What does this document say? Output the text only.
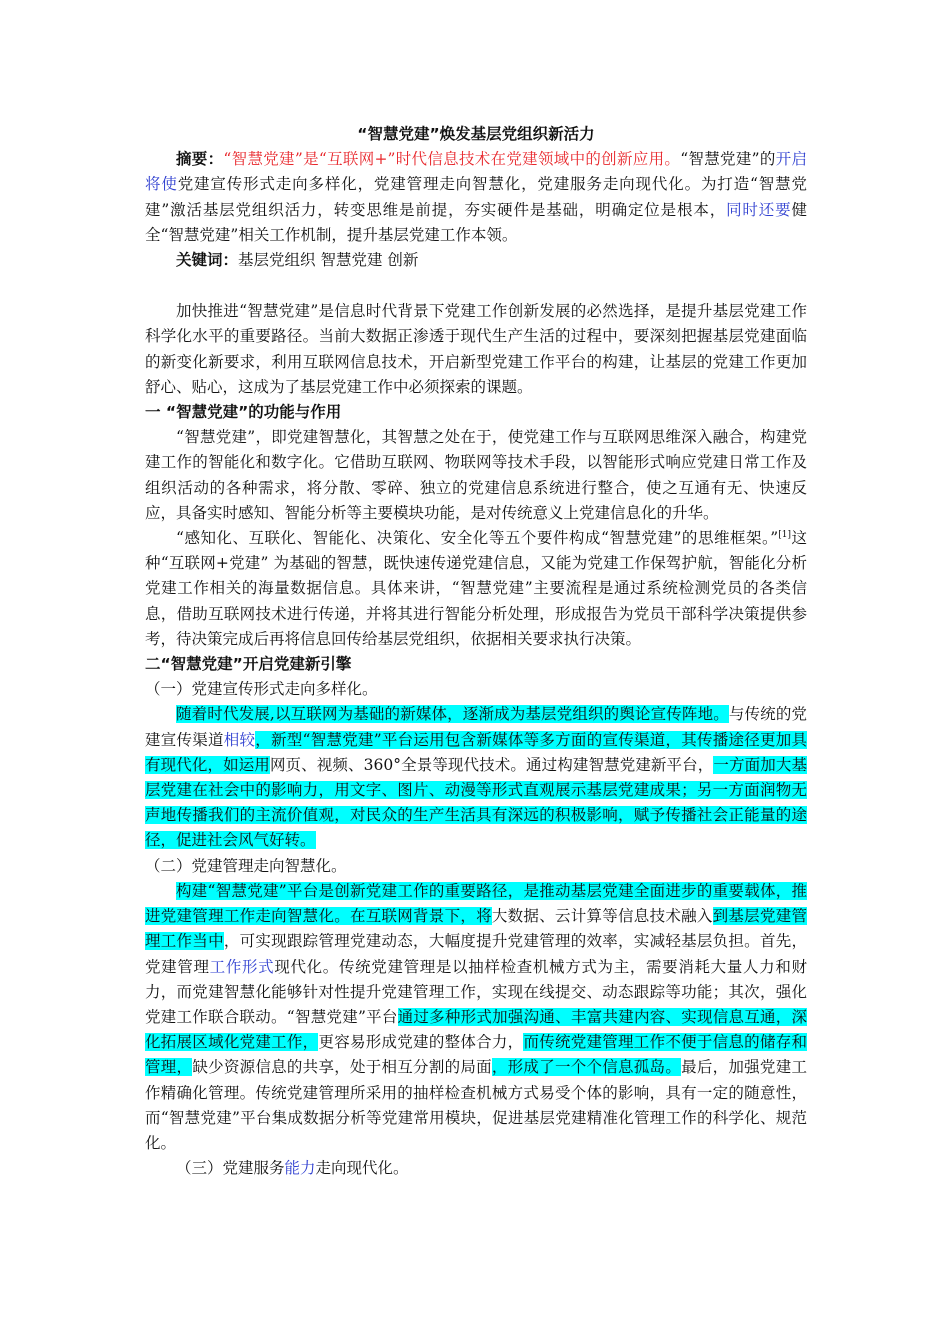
“智慧党建”焕发基层党组织新活力

摘要：“智慧党建”是“互联网+”时代信息技术在党建领域中的创新应用。“智慧党建”的开启将使党建宣传形式走向多样化，党建管理走向智慧化，党建服务走向现代化。为打造“智慧党建”激活基层党组织活力，转变思维是前提，夯实硬件是基础，明确定位是根本，同时还要健全“智慧党建”相关工作机制，提升基层党建工作本领。

关键词：基层党组织 智慧党建 创新

加快推进“智慧党建”是信息时代背景下党建工作创新发展的必然选择，是提升基层党建工作科学化水平的重要路径。当前大数据正渗透于现代生产生活的过程中，要深刻把握基层党建面临的新变化新要求，利用互联网信息技术，开启新型党建工作平台的构建，让基层的党建工作更加舒心、贴心，这成为了基层党建工作中必须探索的课题。

一 “智慧党建”的功能与作用

“智慧党建”，即党建智慧化，其智慧之处在于，使党建工作与互联网思维深入融合，构建党建工作的智能化和数字化。它借助互联网、物联网等技术手段，以智能形式响应党建日常工作及组织活动的各种需求，将分散、零碎、独立的党建信息系统进行整合，使之互通有无、快速反应，具备实时感知、智能分析等主要模块功能，是对传统意义上党建信息化的升华。

“感知化、互联化、智能化、决策化、安全化等五个要件构成“智慧党建”的思维框架。”[1]这种“互联网+党建” 为基础的智慧，既快速传递党建信息，又能为党建工作保驾护航，智能化分析党建工作相关的海量数据信息。具体来讲，“智慧党建”主要流程是通过系统检测党员的各类信息，借助互联网技术进行传递，并将其进行智能分析处理，形成报告为党员干部科学决策提供参考，待决策完成后再将信息回传给基层党组织，依据相关要求执行决策。

二“智慧党建”开启党建新引擎

（一）党建宣传形式走向多样化。

随着时代发展,以互联网为基础的新媒体，逐渐成为基层党组织的舆论宣传阵地。与传统的党建宣传渠道相较，新型“智慧党建”平台运用包含新媒体等多方面的宣传渠道，其传播途径更加具有现代化，如运用网页、视频、360°全景等现代技术。通过构建智慧党建新平台，一方面加大基层党建在社会中的影响力，用文字、图片、动漫等形式直观展示基层党建成果；另一方面润物无声地传播我们的主流价值观，对民众的生产生活具有深远的积极影响，赋予传播社会正能量的途径，促进社会风气好转。

（二）党建管理走向智慧化。

构建“智慧党建”平台是创新党建工作的重要路径，是推动基层党建全面进步的重要载体，推进党建管理工作走向智慧化。在互联网背景下，将大数据、云计算等信息技术融入到基层党建管理工作当中，可实现跟踪管理党建动态，大幅度提升党建管理的效率，实减轻基层负担。首先，党建管理工作形式现代化。传统党建管理是以抽样检查机械方式为主，需要消耗大量人力和财力，而党建智慧化能够针对性提升党建管理工作，实现在线提交、动态跟踪等功能；其次，强化党建工作联合联动。“智慧党建”平台通过多种形式加强沟通、丰富共建内容、实现信息互通，深化拓展区域化党建工作，更容易形成党建的整体合力，而传统党建管理工作不便于信息的储存和管理，缺少资源信息的共享，处于相互分割的局面，形成了一个个信息孤岛。最后，加强党建工作精确化管理。传统党建管理所采用的抽样检查机械方式易受个体的影响，具有一定的随意性，而“智慧党建”平台集成数据分析等党建常用模块，促进基层党建精准化管理工作的科学化、规范化。

（三）党建服务能力走向现代化。
